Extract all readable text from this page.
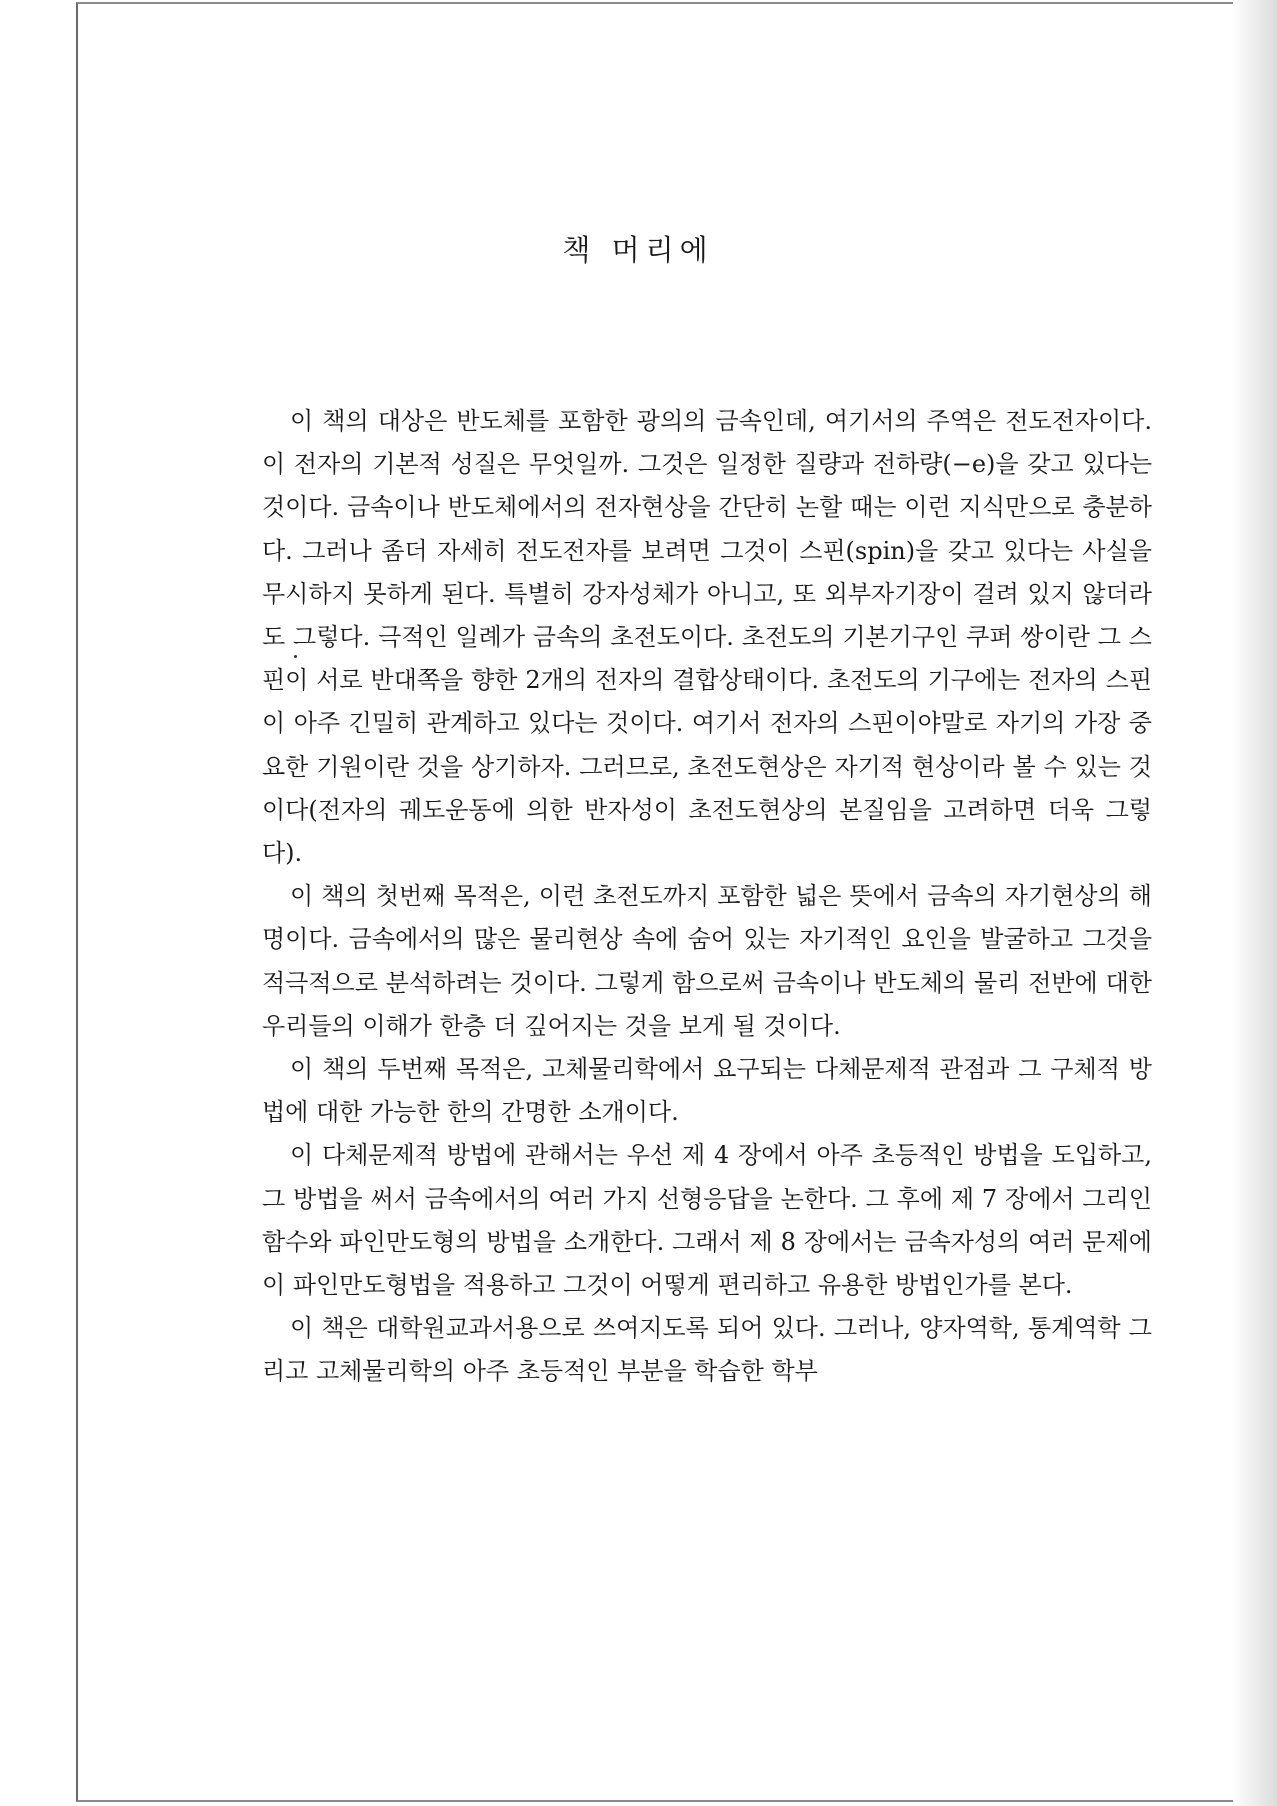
책 머리에

이 책의 대상은 반도체를 포함한 광의의 금속인데, 여기서의 주역은 전도전자이다. 이 전자의 기본적 성질은 무엇일까. 그것은 일정한 질량과 전하량(−e)을 갖고 있다는 것이다. 금속이나 반도체에서의 전자현상을 간단히 논할 때는 이런 지식만으로 충분하다. 그러나 좀더 자세히 전도전자를 보려면 그것이 스핀(spin)을 갖고 있다는 사실을 무시하지 못하게 된다. 특별히 강자성체가 아니고, 또 외부자기장이 걸려 있지 않더라도 그렇다. 극적인 일례가 금속의 초전도이다. 초전도의 기본기구인 쿠퍼 쌍이란 그 스핀이 서로 반대쪽을 향한 2개의 전자의 결합상태이다. 초전도의 기구에는 전자의 스핀이 아주 긴밀히 관계하고 있다는 것이다. 여기서 전자의 스핀이야말로 자기의 가장 중요한 기원이란 것을 상기하자. 그러므로, 초전도현상은 자기적 현상이라 볼 수 있는 것이다(전자의 궤도운동에 의한 반자성이 초전도현상의 본질임을 고려하면 더욱 그렇다).

이 책의 첫번째 목적은, 이런 초전도까지 포함한 넓은 뜻에서 금속의 자기현상의 해명이다. 금속에서의 많은 물리현상 속에 숨어 있는 자기적인 요인을 발굴하고 그것을 적극적으로 분석하려는 것이다. 그렇게 함으로써 금속이나 반도체의 물리 전반에 대한 우리들의 이해가 한층 더 깊어지는 것을 보게 될 것이다.

이 책의 두번째 목적은, 고체물리학에서 요구되는 다체문제적 관점과 그 구체적 방법에 대한 가능한 한의 간명한 소개이다.

이 다체문제적 방법에 관해서는 우선 제 4 장에서 아주 초등적인 방법을 도입하고, 그 방법을 써서 금속에서의 여러 가지 선형응답을 논한다. 그 후에 제 7 장에서 그리인함수와 파인만도형의 방법을 소개한다. 그래서 제 8 장에서는 금속자성의 여러 문제에 이 파인만도형법을 적용하고 그것이 어떻게 편리하고 유용한 방법인가를 본다.

이 책은 대학원교과서용으로 쓰여지도록 되어 있다. 그러나, 양자역학, 통계역학 그리고 고체물리학의 아주 초등적인 부분을 학습한 학부
